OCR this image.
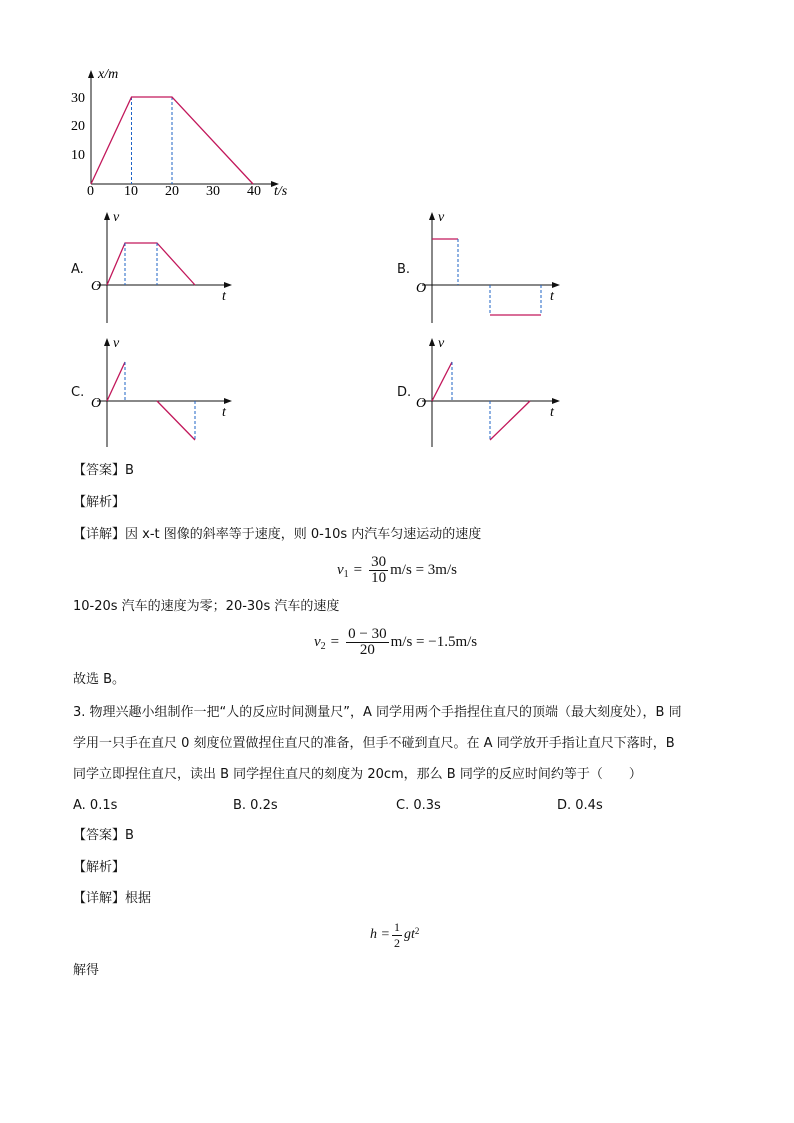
x/m
30
20
10
0 10 20 30 40 t/s
A.
v
O
t
B.
v
O
t
C.
v
O
t
D.
v
O
t
【答案】B
【解析】
【详解】因 x-t 图像的斜率等于速度，则 0-10s 内汽车匀速运动的速度
$v_1 = \frac{30}{10} m/s = 3m/s$
10-20s 汽车的速度为零；20-30s 汽车的速度
$v_2 = \frac{0 - 30}{20} m/s = -1.5m/s$
故选 B。
3. 物理兴趣小组制作一把“人的反应时间测量尺”，A 同学用两个手指捏住直尺的顶端（最大刻度处），B 同
学用一只手在直尺 0 刻度位置做捏住直尺的准备，但手不碰到直尺。在 A 同学放开手指让直尺下落时，B
同学立即捏住直尺，读出 B 同学捏住直尺的刻度为 20cm，那么 B 同学的反应时间约等于（　　）
A. 0.1s	B. 0.2s	C. 0.3s	D. 0.4s
【答案】B
【解析】
【详解】根据
$h = \frac{1}{2} gt^2$
解得
